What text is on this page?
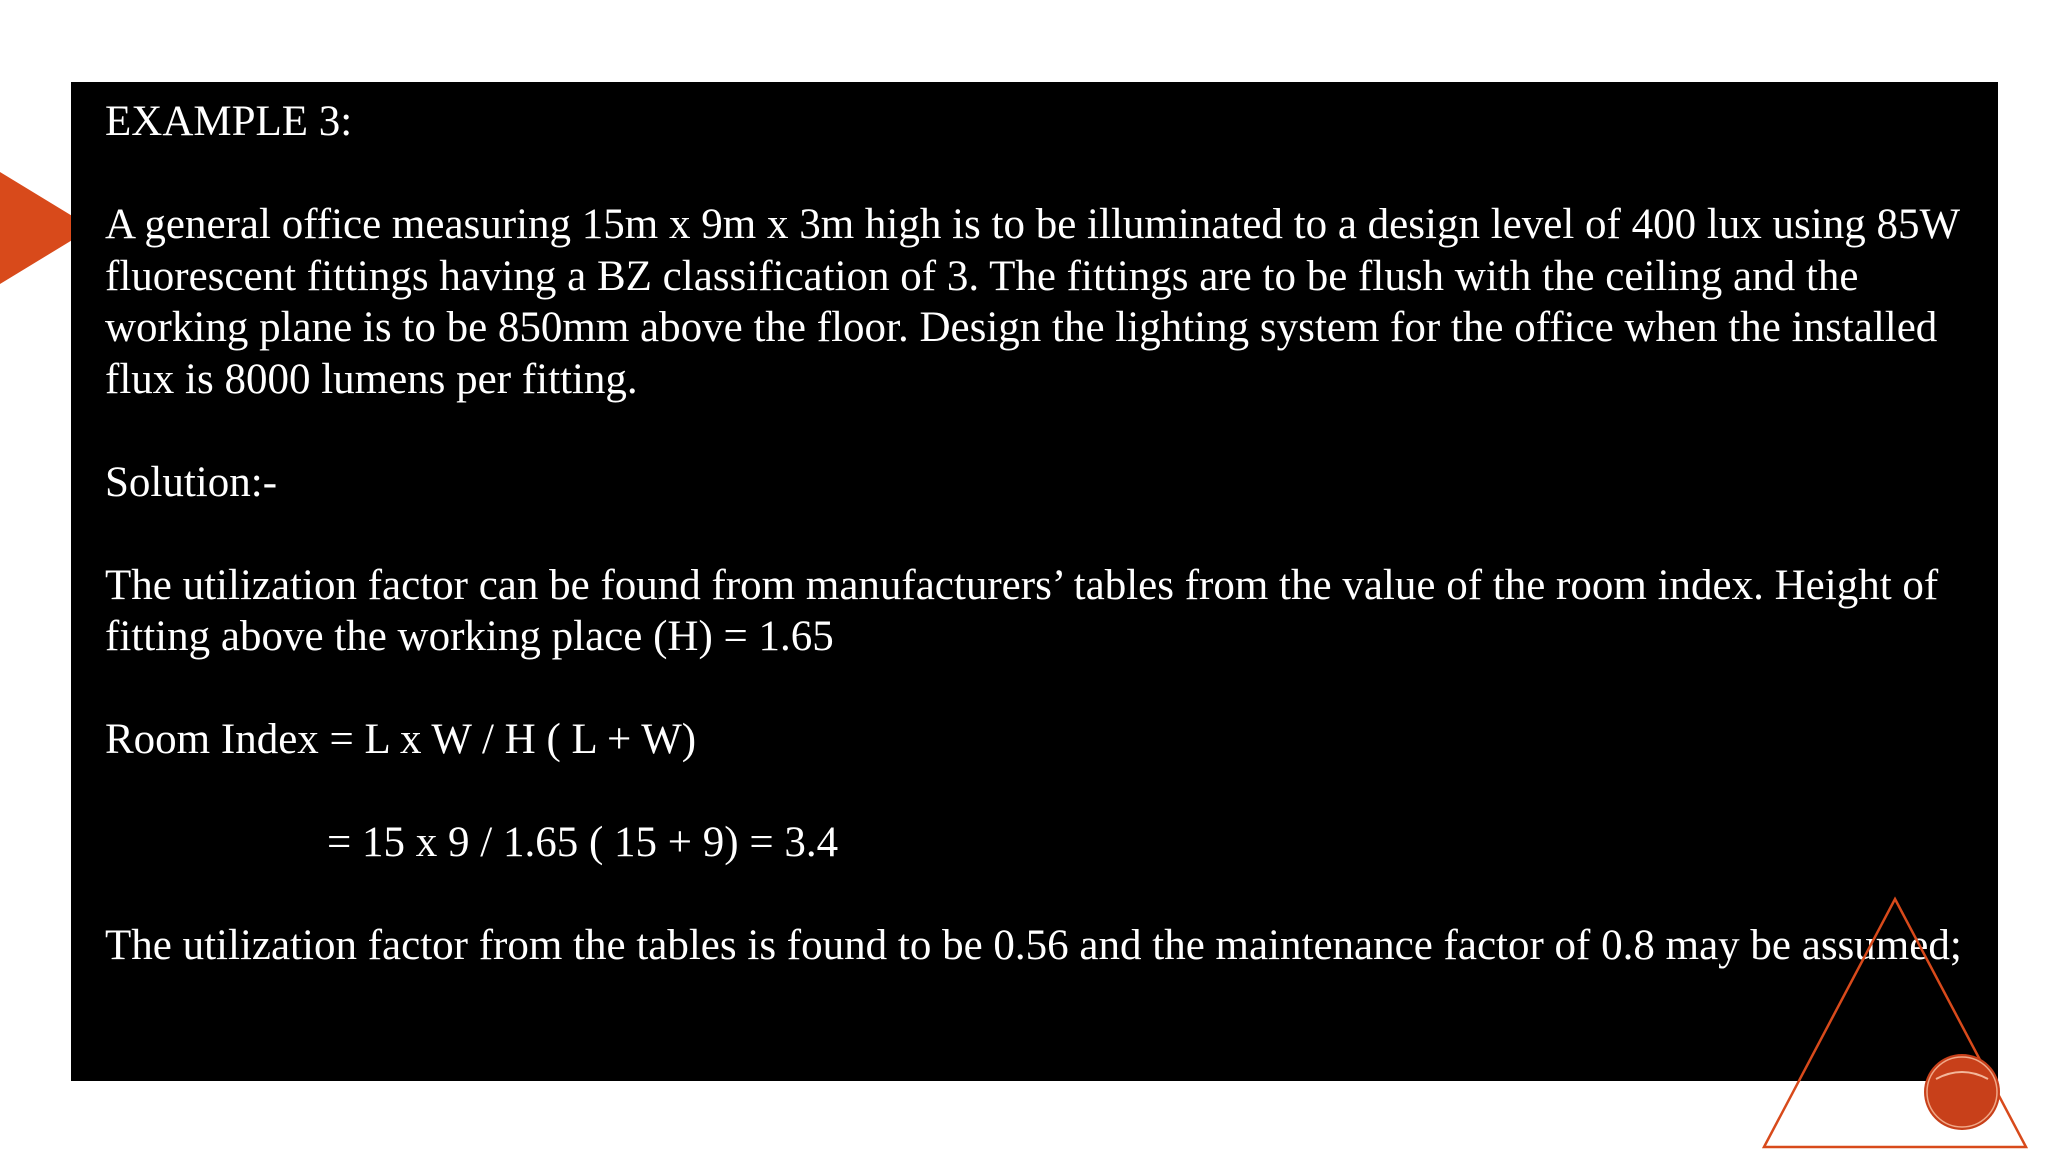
EXAMPLE 3:

A general office measuring 15m x 9m x 3m high is to be illuminated to a design level of 400 lux using 85W

fluorescent fittings having a BZ classification of 3. The fittings are to be flush with the ceiling and the

working plane is to be 850mm above the floor. Design the lighting system for the office when the installed

flux is 8000 lumens per fitting.

Solution:-

The utilization factor can be found from manufacturers’ tables from the value of the room index. Height of

fitting above the working place (H) = 1.65

Room Index = L x W / H ( L + W)

= 15 x 9 / 1.65 ( 15 + 9) = 3.4

The utilization factor from the tables is found to be 0.56 and the maintenance factor of 0.8 may be assumed;
